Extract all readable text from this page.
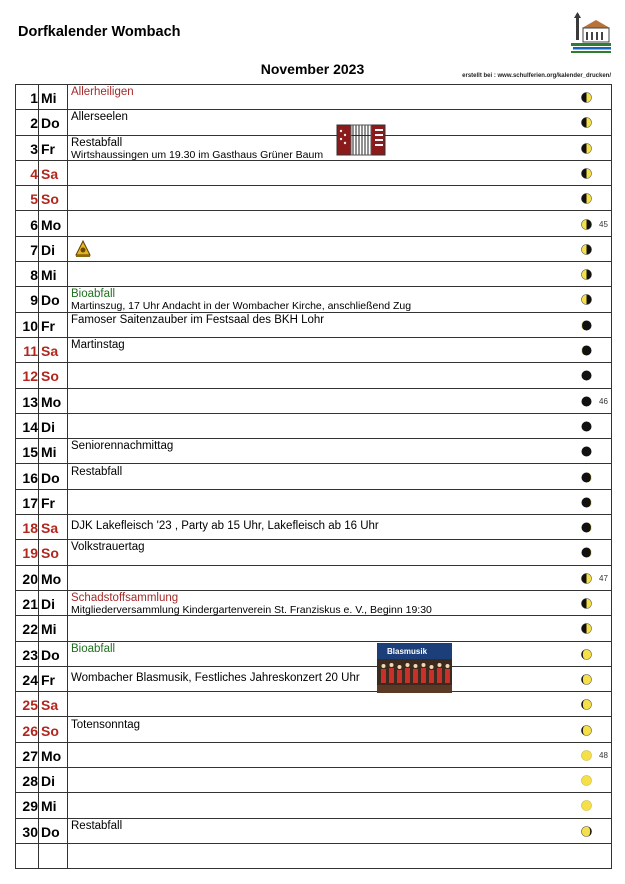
Dorfkalender Wombach
November 2023	erstellt bei : www.schulferien.org/kalender_drucken/
1 Mi Allerheiligen
2 Do Allerseelen
3 Fr Restabfall
Wirtshaussingen um 19.30 im Gasthaus Grüner Baum
4 Sa
5 So
6 Mo	45
7 Di
8 Mi
9 Do Bioabfall
Martinszug, 17 Uhr Andacht in der Wombacher Kirche, anschließend Zug
10 Fr Famoser Saitenzauber im Festsaal des BKH Lohr
11 Sa Martinstag
12 So
13 Mo	46
14 Di
15 Mi Seniorennachmittag
16 Do Restabfall
17 Fr
18 Sa DJK Lakefleisch '23 , Party ab 15 Uhr, Lakefleisch ab 16 Uhr
19 So Volkstrauertag
20 Mo	47
21 Di Schadstoffsammlung
Mitgliederversammlung Kindergartenverein St. Franziskus e. V., Beginn 19:30
22 Mi
23 Do Bioabfall
24 Fr Wombacher Blasmusik, Festliches Jahreskonzert 20 Uhr
25 Sa
26 So Totensonntag
27 Mo	48
28 Di
29 Mi
30 Do Restabfall
Blasmusik
